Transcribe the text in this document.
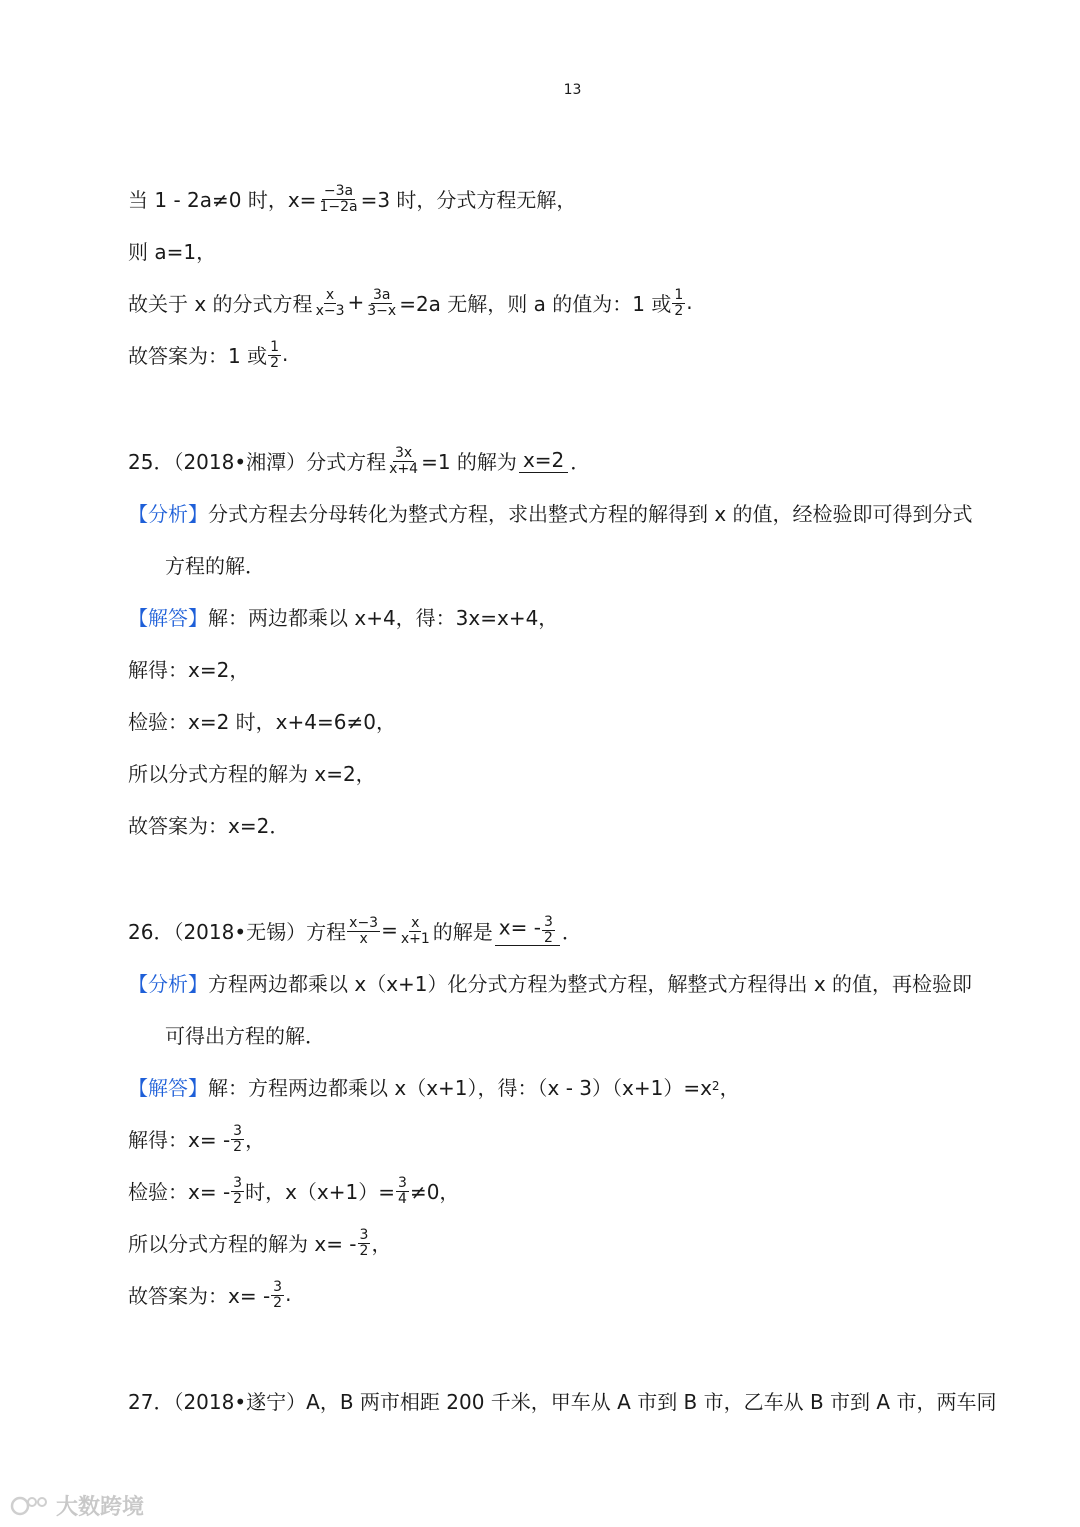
13
当 1 - 2a≠0 时，$x= \frac{-3a}{1-2a} =3$ 时，分式方程无解，
则 a=1，
故关于 x 的分式方程 $\frac{x}{x-3} + \frac{3a}{3-x} =2a$ 无解，则 a 的值为：1 或 $\frac{1}{2}$ .
故答案为：1 或 $\frac{1}{2}$ .
25．（2018•湘潭）分式方程 $\frac{3x}{x+4} =1$ 的解为 x=2 ．
【分析】 分式方程去分母转化为整式方程，求出整式方程的解得到 x 的值，经检验即可得到分式
方程的解．
【解答】 解：两边都乘以 x+4，得：3x=x+4，
解得：x=2，
检验：x=2 时，x+4=6≠0，
所以分式方程的解为 x=2，
故答案为：x=2．
26．（2018•无锡）方程 $\frac{x-3}{x} = \frac{x}{x+1}$ 的解是 $x= - \frac{3}{2}$ ．
【分析】 方程两边都乘以 x（x+1）化分式方程为整式方程，解整式方程得出 x 的值，再检验即
可得出方程的解．
【解答】 解：方程两边都乘以 x（x+1），得：（x - 3）（x+1）=x 2 ，
解得：$x= - \frac{3}{2}$ ，
检验：$x= - \frac{3}{2}$ 时，$x(x+1)= \frac{3}{4} \ne 0$，
所以分式方程的解为 $x= - \frac{3}{2}$ ，
故答案为：$x= - \frac{3}{2}$ .
27．（2018•遂宁）A，B 两市相距 200 千米，甲车从 A 市到 B 市，乙车从 B 市到 A 市，两车同
大数跨境
